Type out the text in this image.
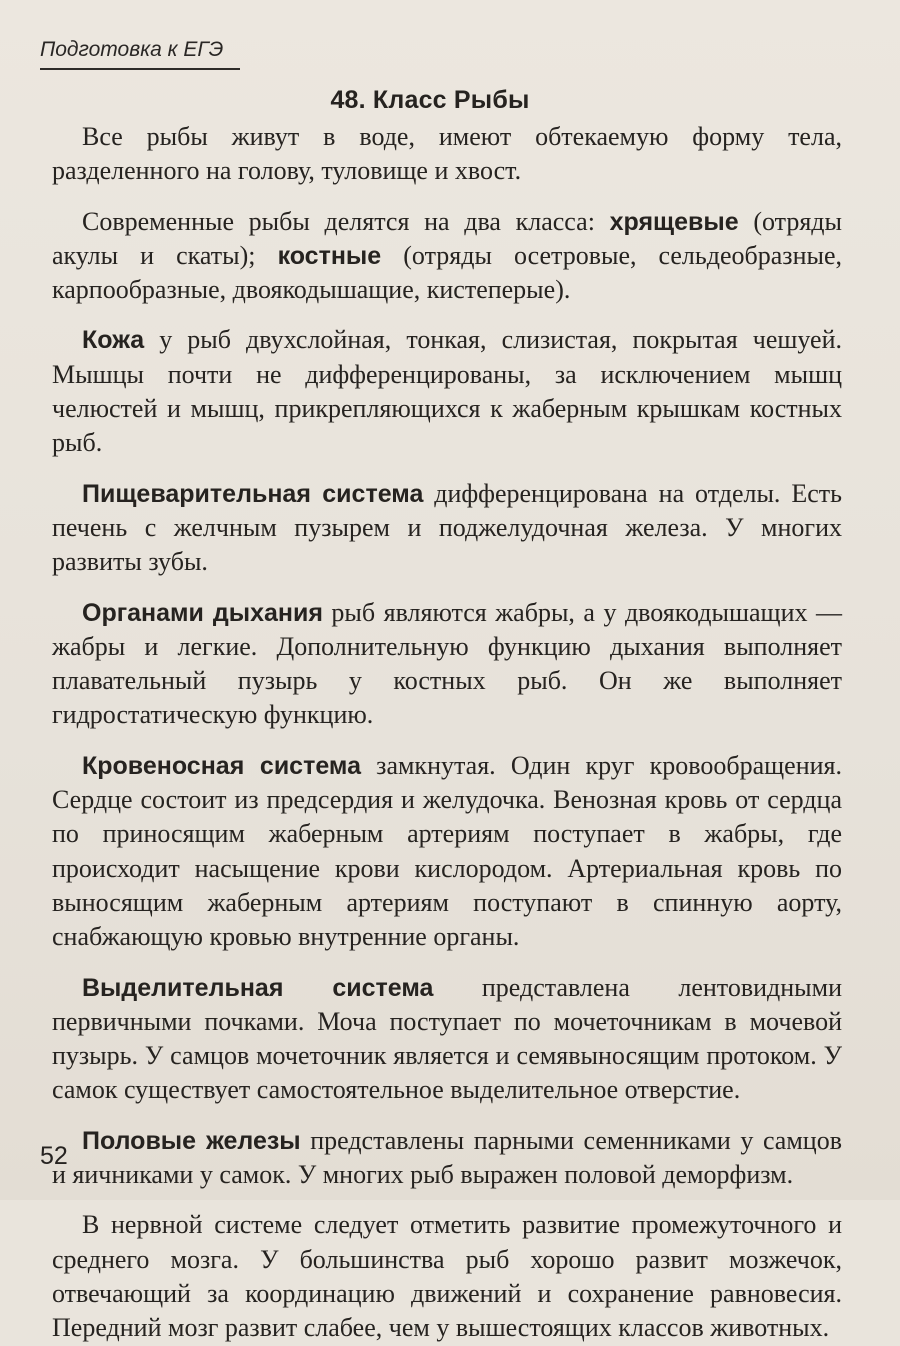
Подготовка к ЕГЭ
48. Класс Рыбы

Все рыбы живут в воде, имеют обтекаемую форму тела, разделенного на голову, туловище и хвост.

Современные рыбы делятся на два класса: хрящевые (отряды акулы и скаты); костные (отряды осетровые, сельдеобразные, карпообразные, двоякодышащие, кистеперые).

Кожа у рыб двухслойная, тонкая, слизистая, покрытая чешуей. Мышцы почти не дифференцированы, за исключением мышц челюстей и мышц, прикрепляющихся к жаберным крышкам костных рыб.

Пищеварительная система дифференцирована на отделы. Есть печень с желчным пузырем и поджелудочная железа. У многих развиты зубы.

Органами дыхания рыб являются жабры, а у двоякодышащих — жабры и легкие. Дополнительную функцию дыхания выполняет плавательный пузырь у костных рыб. Он же выполняет гидростатическую функцию.

Кровеносная система замкнутая. Один круг кровообращения. Сердце состоит из предсердия и желудочка. Венозная кровь от сердца по приносящим жаберным артериям поступает в жабры, где происходит насыщение крови кислородом. Артериальная кровь по выносящим жаберным артериям поступают в спинную аорту, снабжающую кровью внутренние органы.

Выделительная система представлена лентовидными первичными почками. Моча поступает по мочеточникам в мочевой пузырь. У самцов мочеточник является и семявыносящим протоком. У самок существует самостоятельное выделительное отверстие.

Половые железы представлены парными семенниками у самцов и яичниками у самок. У многих рыб выражен половой деморфизм.

В нервной системе следует отметить развитие промежуточного и среднего мозга. У большинства рыб хорошо развит мозжечок, отвечающий за координацию движений и сохранение равновесия. Передний мозг развит слабее, чем у вышестоящих классов животных.

52
